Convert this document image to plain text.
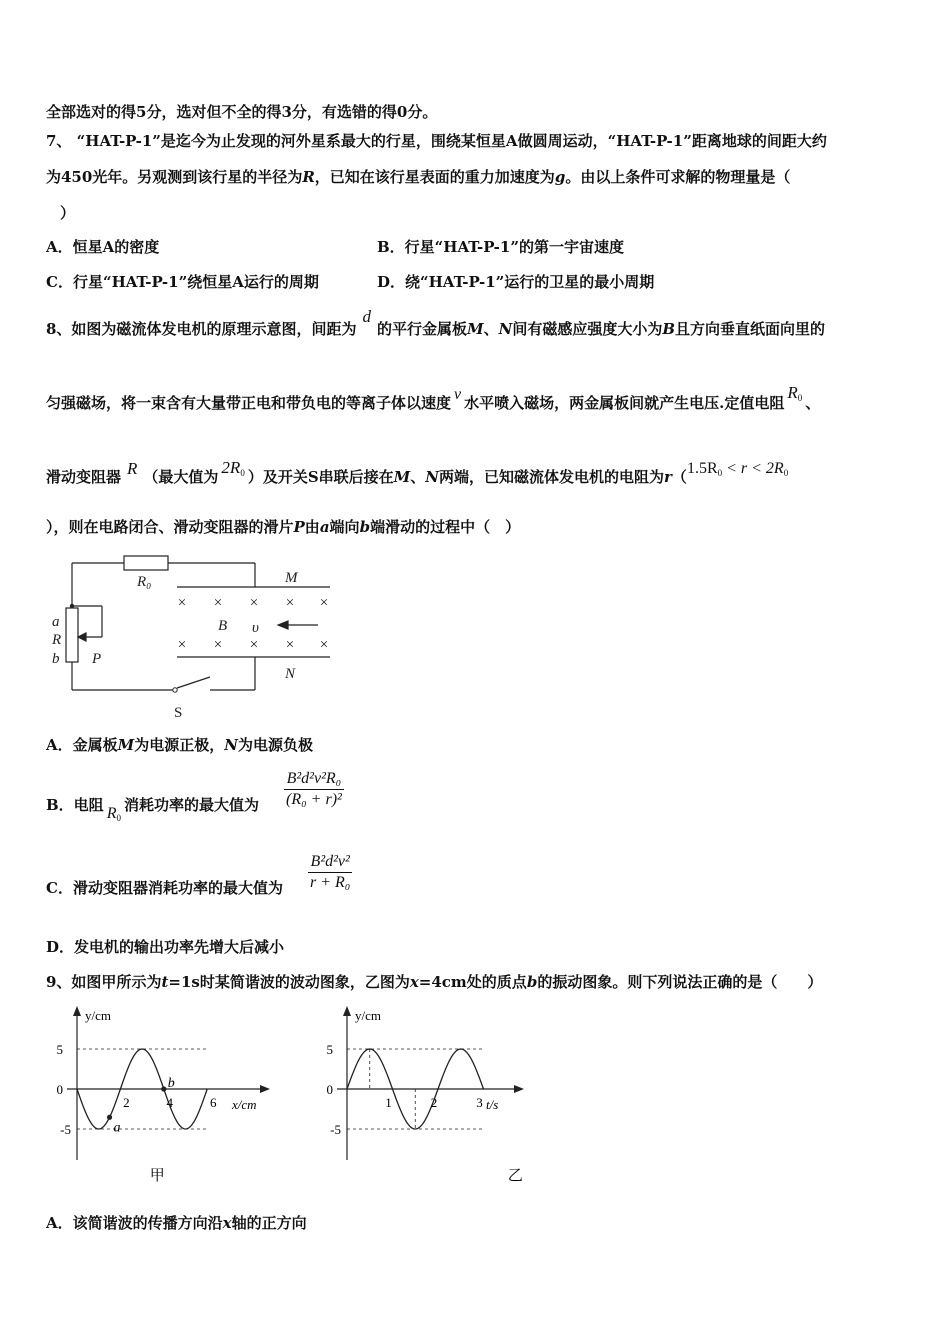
全部选对的得5分，选对但不全的得3分，有选错的得0分。
7、 “HAT-P-1”是迄今为止发现的河外星系最大的行星，围绕某恒星A做圆周运动，“HAT-P-1”距离地球的间距大约
为450光年。另观测到该行星的半径为R，已知在该行星表面的重力加速度为g。由以上条件可求解的物理量是（
）
A．恒星A的密度	B．行星“HAT-P-1”的第一宇宙速度
C．行星“HAT-P-1”绕恒星A运行的周期	D．绕“HAT-P-1”运行的卫星的最小周期
8、如图为磁流体发电机的原理示意图，间距为d的平行金属板M、N间有磁感应强度大小为B且方向垂直纸面向里的
匀强磁场，将一束含有大量带正电和带负电的等离子体以速度 v 水平喷入磁场，两金属板间就产生电压.定值电阻$R_0$ 、
滑动变阻器 R （最大值为 $2R_0$ ）及开关S串联后接在M、N两端，已知磁流体发电机的电阻为$r(1.5R_0 < r < 2R_0$
），则在电路闭合、滑动变阻器的滑片P由a端向b端滑动的过程中（　）
× × × × ×
× × × × ×
R₀	M
N
B υ
a
R
b P
S
A．金属板M为电源正极，N为电源负极
B．电阻 $R_0$消耗功率的最大值为
B²d²v²R₀
(R₀ + r)²
C．滑动变阻器消耗功率的最大值为
B²d²v²
r + R₀
D．发电机的输出功率先增大后减小
9、如图甲所示为t=1s时某简谐波的波动图象，乙图为x=4cm处的质点b的振动图象。则下列说法正确的是（　　）
5
0
-5
y/cm
x/cm
甲
2	4	6
a
b
5
0
-5
y/cm
t/s
乙
1	2	3
A．该简谐波的传播方向沿x轴的正方向
